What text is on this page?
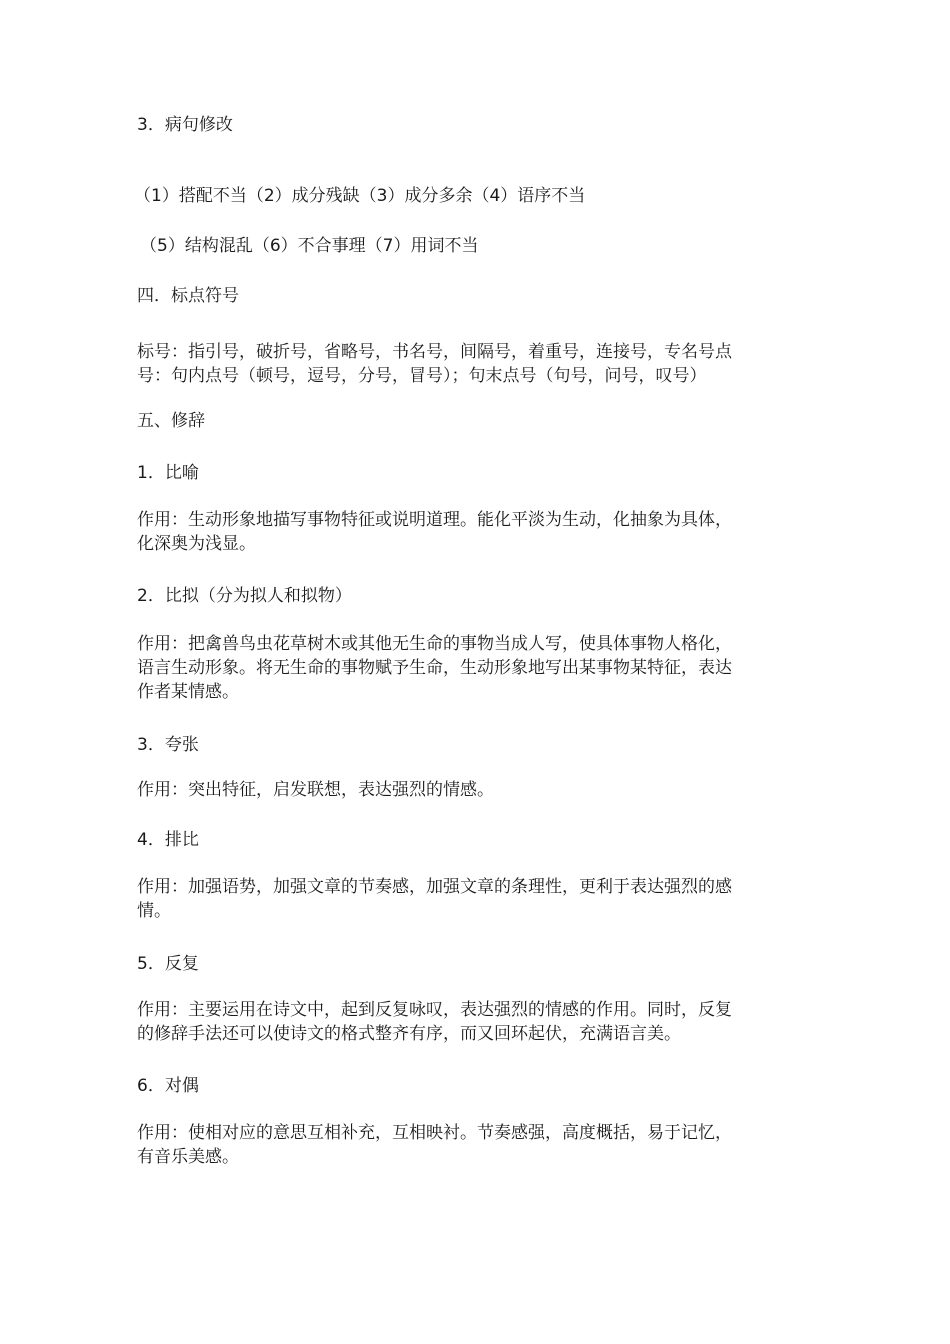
3．病句修改

（1）搭配不当（2）成分残缺（3）成分多余（4）语序不当

（5）结构混乱（6）不合事理（7）用词不当

四．标点符号

标号：指引号，破折号，省略号，书名号，间隔号，着重号，连接号，专名号点
号：句内点号（顿号，逗号，分号，冒号）；句末点号（句号，问号，叹号）

五、修辞

1．比喻

作用：生动形象地描写事物特征或说明道理。能化平淡为生动，化抽象为具体，
化深奥为浅显。

2．比拟（分为拟人和拟物）

作用：把禽兽鸟虫花草树木或其他无生命的事物当成人写，使具体事物人格化，
语言生动形象。将无生命的事物赋予生命，生动形象地写出某事物某特征，表达
作者某情感。

3．夸张

作用：突出特征，启发联想，表达强烈的情感。

4．排比

作用：加强语势，加强文章的节奏感，加强文章的条理性，更利于表达强烈的感
情。

5．反复

作用：主要运用在诗文中，起到反复咏叹，表达强烈的情感的作用。同时，反复
的修辞手法还可以使诗文的格式整齐有序，而又回环起伏，充满语言美。

6．对偶

作用：使相对应的意思互相补充，互相映衬。节奏感强，高度概括，易于记忆，
有音乐美感。
